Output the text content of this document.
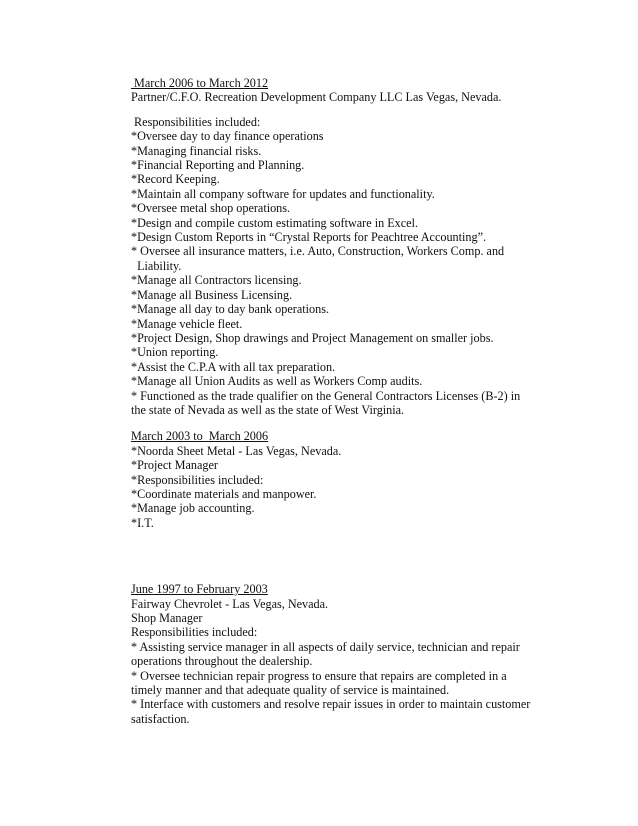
March 2006 to March 2012
Partner/C.F.O. Recreation Development Company LLC Las Vegas, Nevada.
Responsibilities included:
*Oversee day to day finance operations
*Managing financial risks.
*Financial Reporting and Planning.
*Record Keeping.
*Maintain all company software for updates and functionality.
*Oversee metal shop operations.
*Design and compile custom estimating software in Excel.
*Design Custom Reports in “Crystal Reports for Peachtree Accounting”.
* Oversee all insurance matters, i.e. Auto, Construction, Workers Comp. and
Liability.
*Manage all Contractors licensing.
*Manage all Business Licensing.
*Manage all day to day bank operations.
*Manage vehicle fleet.
*Project Design, Shop drawings and Project Management on smaller jobs.
*Union reporting.
*Assist the C.P.A with all tax preparation.
*Manage all Union Audits as well as Workers Comp audits.
* Functioned as the trade qualifier on the General Contractors Licenses (B-2) in
the state of Nevada as well as the state of West Virginia.
March 2003 to  March 2006
*Noorda Sheet Metal - Las Vegas, Nevada.
*Project Manager
*Responsibilities included:
*Coordinate materials and manpower.
*Manage job accounting.
*I.T.
June 1997 to February 2003
Fairway Chevrolet - Las Vegas, Nevada.
Shop Manager
Responsibilities included:
* Assisting service manager in all aspects of daily service, technician and repair
operations throughout the dealership.
* Oversee technician repair progress to ensure that repairs are completed in a
timely manner and that adequate quality of service is maintained.
* Interface with customers and resolve repair issues in order to maintain customer
satisfaction.
